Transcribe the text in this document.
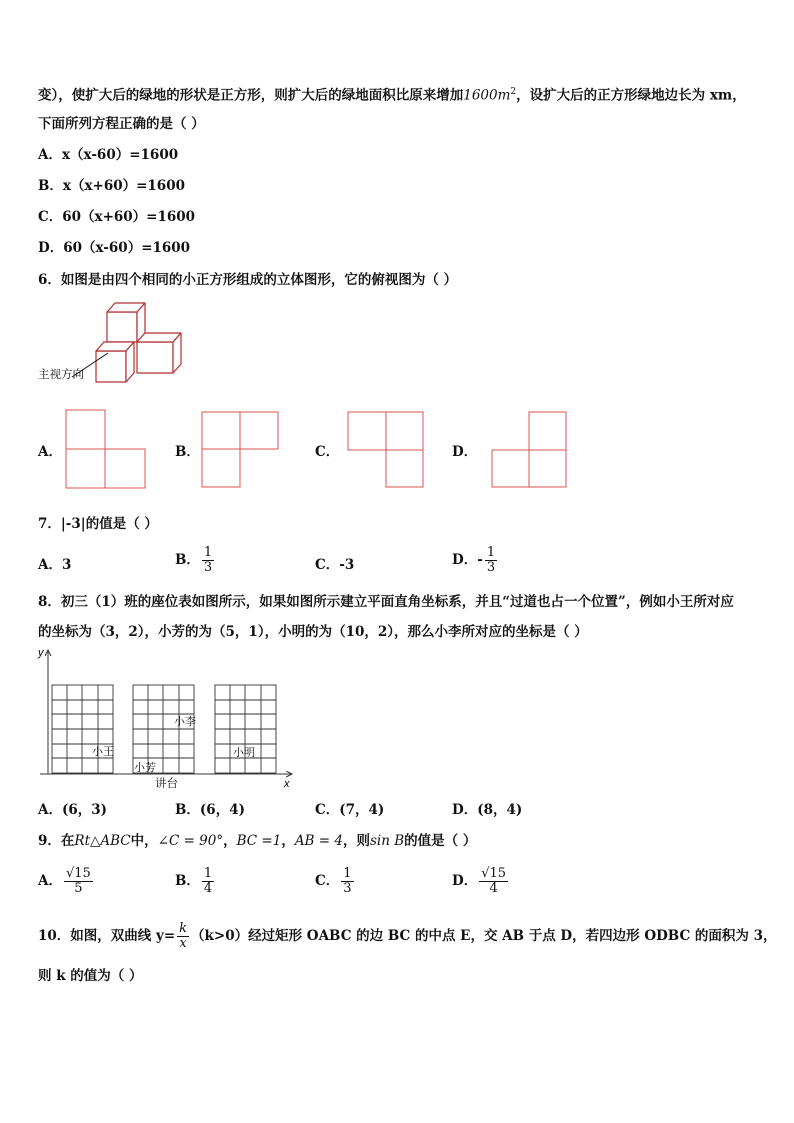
变），使扩大后的绿地的形状是正方形，则扩大后的绿地面积比原来增加$1600m^2$，设扩大后的正方形绿地边长为 xm，
下面所列方程正确的是（ ）
A．x（x-60）=1600
B．x（x+60）=1600
C．60（x+60）=1600
D．60（x-60）=1600
6．如图是由四个相同的小正方形组成的立体图形，它的俯视图为（ ）
主视方向
A．	B．	C．	D．
7．|-3|的值是（ ）
A．3	B． $\frac{1}{3}$	C．-3	D．- $\frac{1}{3}$
8．初三（1）班的座位表如图所示，如果如图所示建立平面直角坐标系，并且“过道也占一个位置”，例如小王所对应
的坐标为（3，2），小芳的为（5，1），小明的为（10，2），那么小李所对应的坐标是（ ）
y
x
小王
小芳
小李
小明
讲台
A．(6，3)	B．(6，4)	C．(7，4)	D．(8，4)
9．在Rt△ABC中，∠C = 90°，BC =1，AB = 4，则sin B的值是（ ）
A． $\frac{√15}{5}$	B． $\frac{1}{4}$	C． $\frac{1}{3}$	D． $\frac{√15}{4}$
10．如图，双曲线 $y= \frac{k}{x} (k>0)$经过矩形 OABC 的边 BC 的中点 E，交 AB 于点 D，若四边形 ODBC 的面积为 3，
则 k 的值为（ ）
